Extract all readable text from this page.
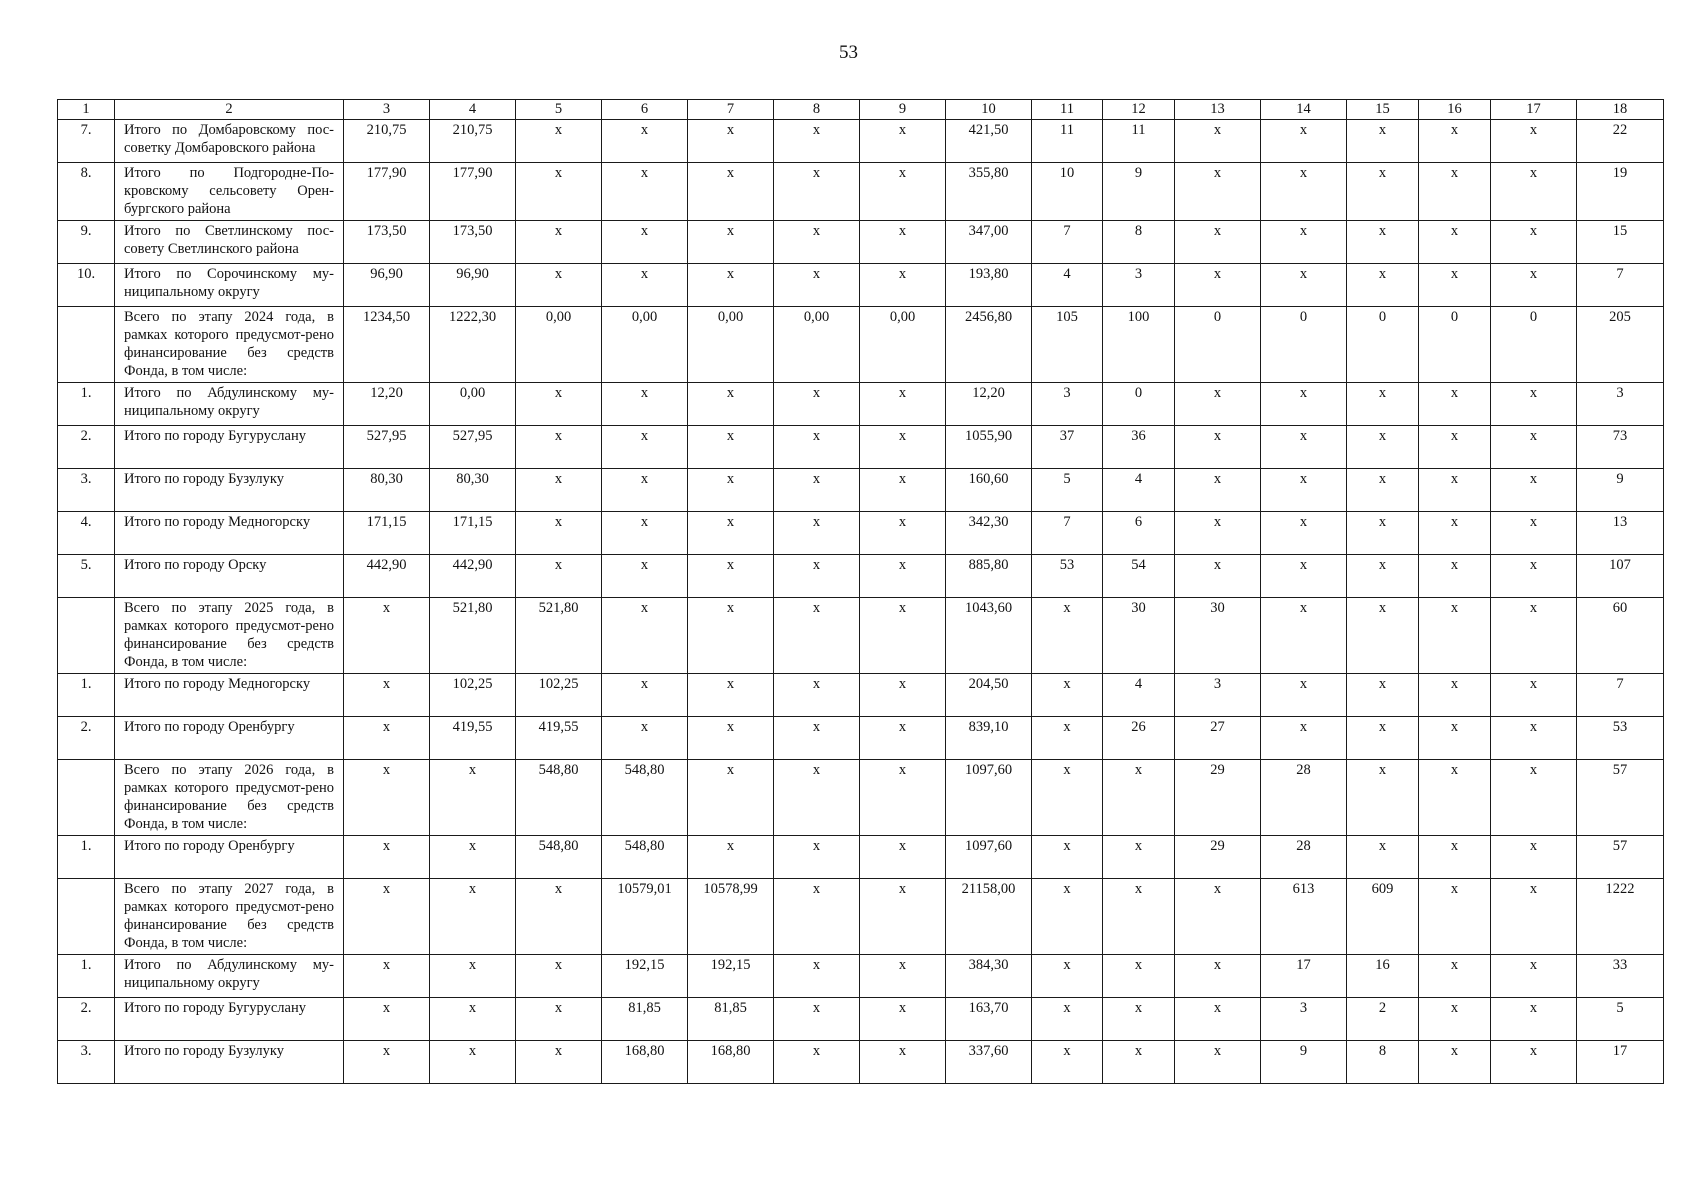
53
1	2	3	4	5	6	7	8	9	10	11	12	13	14	15	16	17	18
7.	Итого по Домбаровскому пос-советку Домбаровского района	210,75	210,75	x	x	x	x	x	421,50	11	11	x	x	x	x	x	22
8.	Итого по Подгородне-По-кровскому сельсовету Орен-бургского района	177,90	177,90	x	x	x	x	x	355,80	10	9	x	x	x	x	x	19
9.	Итого по Светлинскому пос-совету Светлинского района	173,50	173,50	x	x	x	x	x	347,00	7	8	x	x	x	x	x	15
10.	Итого по Сорочинскому му-ниципальному округу	96,90	96,90	x	x	x	x	x	193,80	4	3	x	x	x	x	x	7
	Всего по этапу 2024 года, в рамках которого предусмот-рено финансирование без средств Фонда, в том числе:	1234,50	1222,30	0,00	0,00	0,00	0,00	0,00	2456,80	105	100	0	0	0	0	0	205
1.	Итого по Абдулинскому му-ниципальному округу	12,20	0,00	x	x	x	x	x	12,20	3	0	x	x	x	x	x	3
2.	Итого по городу Бугуруслану	527,95	527,95	x	x	x	x	x	1055,90	37	36	x	x	x	x	x	73
3.	Итого по городу Бузулуку	80,30	80,30	x	x	x	x	x	160,60	5	4	x	x	x	x	x	9
4.	Итого по городу Медногорску	171,15	171,15	x	x	x	x	x	342,30	7	6	x	x	x	x	x	13
5.	Итого по городу Орску	442,90	442,90	x	x	x	x	x	885,80	53	54	x	x	x	x	x	107
	Всего по этапу 2025 года, в рамках которого предусмот-рено финансирование без средств Фонда, в том числе:	x	521,80	521,80	x	x	x	x	1043,60	x	30	30	x	x	x	x	60
1.	Итого по городу Медногорску	x	102,25	102,25	x	x	x	x	204,50	x	4	3	x	x	x	x	7
2.	Итого по городу Оренбургу	x	419,55	419,55	x	x	x	x	839,10	x	26	27	x	x	x	x	53
	Всего по этапу 2026 года, в рамках которого предусмот-рено финансирование без средств Фонда, в том числе:	x	x	548,80	548,80	x	x	x	1097,60	x	x	29	28	x	x	x	57
1.	Итого по городу Оренбургу	x	x	548,80	548,80	x	x	x	1097,60	x	x	29	28	x	x	x	57
	Всего по этапу 2027 года, в рамках которого предусмот-рено финансирование без средств Фонда, в том числе:	x	x	x	10579,01	10578,99	x	x	21158,00	x	x	x	613	609	x	x	1222
1.	Итого по Абдулинскому му-ниципальному округу	x	x	x	192,15	192,15	x	x	384,30	x	x	x	17	16	x	x	33
2.	Итого по городу Бугуруслану	x	x	x	81,85	81,85	x	x	163,70	x	x	x	3	2	x	x	5
3.	Итого по городу Бузулуку	x	x	x	168,80	168,80	x	x	337,60	x	x	x	9	8	x	x	17
